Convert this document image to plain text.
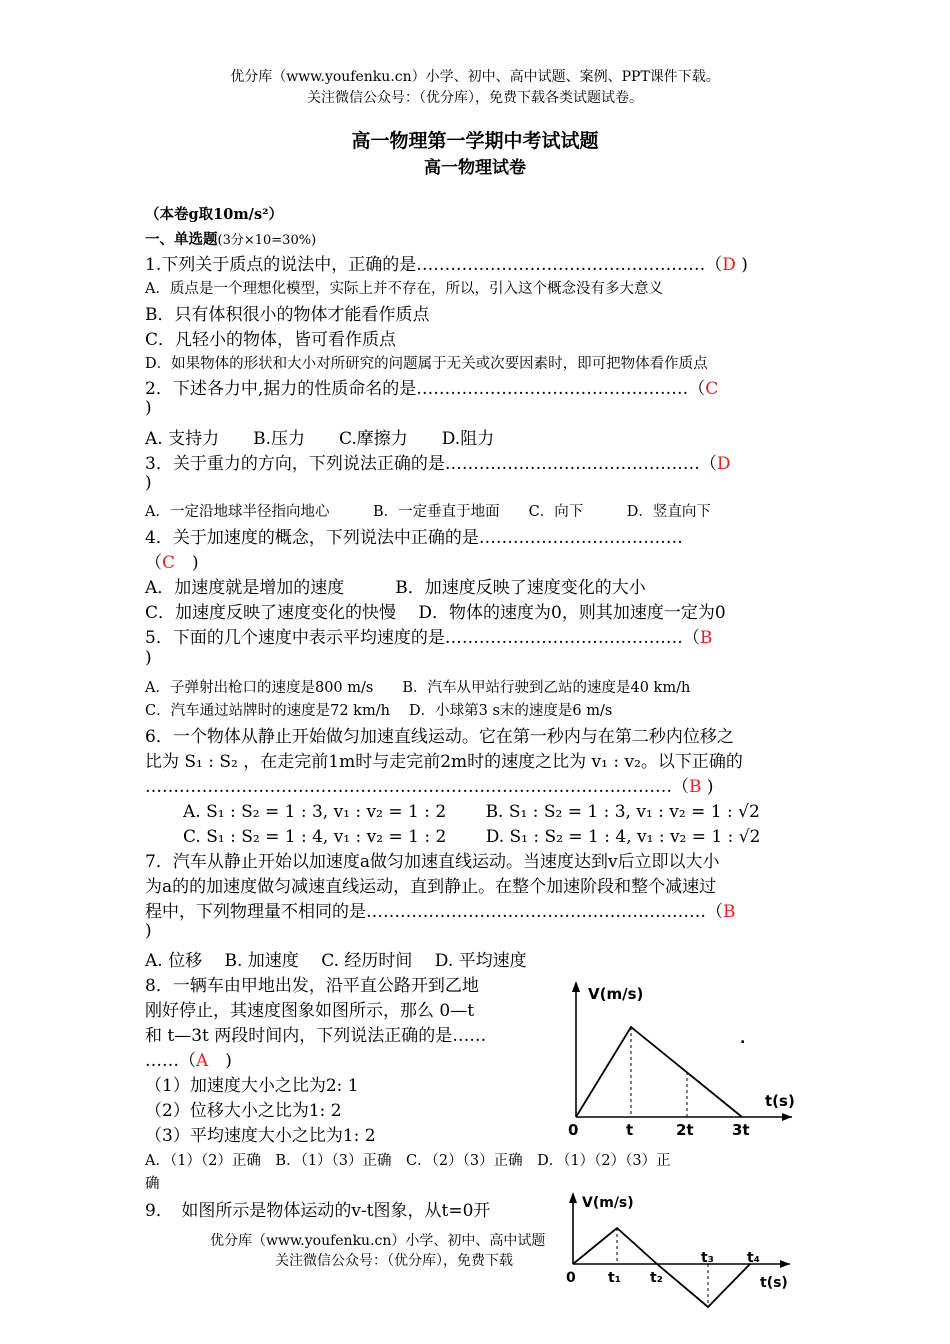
优分库（www.youfenku.cn）小学、初中、高中试题、案例、PPT课件下载。
关注微信公众号：（优分库），免费下载各类试题试卷。
高一物理第一学期中考试试题
高一物理试卷
（本卷g取10m/s²）
一、单选题(3分×10=30%)
1.下列关于质点的说法中，正确的是……………………………………………（D )
A．质点是一个理想化模型，实际上并不存在，所以，引入这个概念没有多大意义
B．只有体积很小的物体才能看作质点
C．凡轻小的物体，皆可看作质点
D．如果物体的形状和大小对所研究的问题属于无关或次要因素时，即可把物体看作质点
2．下述各力中,据力的性质命名的是…………………………………………（C
)
A. 支持力　　B.压力　　C.摩擦力　　D.阻力
3．关于重力的方向，下列说法正确的是………………………………………（D
)
A．一定沿地球半径指向地心　　　B．一定垂直于地面　　C．向下　　　D．竖直向下
4．关于加速度的概念，下列说法中正确的是………………………………
（C　)
A．加速度就是增加的速度　　　B．加速度反映了速度变化的大小
C．加速度反映了速度变化的快慢　 D．物体的速度为0，则其加速度一定为0
5．下面的几个速度中表示平均速度的是……………………………………（B
)
A．子弹射出枪口的速度是800 m/s　　B．汽车从甲站行驶到乙站的速度是40 km/h
C．汽车通过站牌时的速度是72 km/h　 D．小球第3 s末的速度是6 m/s
6．一个物体从静止开始做匀加速直线运动。它在第一秒内与在第二秒内位移之
比为 S₁ : S₂ ，在走完前1m时与走完前2m时的速度之比为 v₁ : v₂。以下正确的
…………………………………………………………………………………（B )
A. S₁ : S₂ = 1 : 3, v₁ : v₂ = 1 : 2　　 B. S₁ : S₂ = 1 : 3, v₁ : v₂ = 1 : √2
C. S₁ : S₂ = 1 : 4, v₁ : v₂ = 1 : 2　　 D. S₁ : S₂ = 1 : 4, v₁ : v₂ = 1 : √2
7．汽车从静止开始以加速度a做匀加速直线运动。当速度达到v后立即以大小
为a的的加速度做匀减速直线运动，直到静止。在整个加速阶段和整个减速过
程中，下列物理量不相同的是……………………………………………………（B
)
A. 位移　 B. 加速度　 C. 经历时间　 D. 平均速度
8．一辆车由甲地出发，沿平直公路开到乙地
刚好停止，其速度图象如图所示，那么 0—t
和 t—3t 两段时间内，下列说法正确的是……
……（A　)
（1）加速度大小之比为2: 1
（2）位移大小之比为1: 2
（3）平均速度大小之比为1: 2
A．（1）（2）正确　B．（1）（3）正确　C．（2）（3）正确　D．（1）（2）（3）正
确
9．　如图所示是物体运动的v-t图象，从t=0开
优分库（www.youfenku.cn）小学、初中、高中试题
关注微信公众号：（优分库），免费下载
V(m/s)
t(s)
.
0	t	2t	3t
V(m/s)
t(s)
0 t₁ t₂
t₃ t₄
